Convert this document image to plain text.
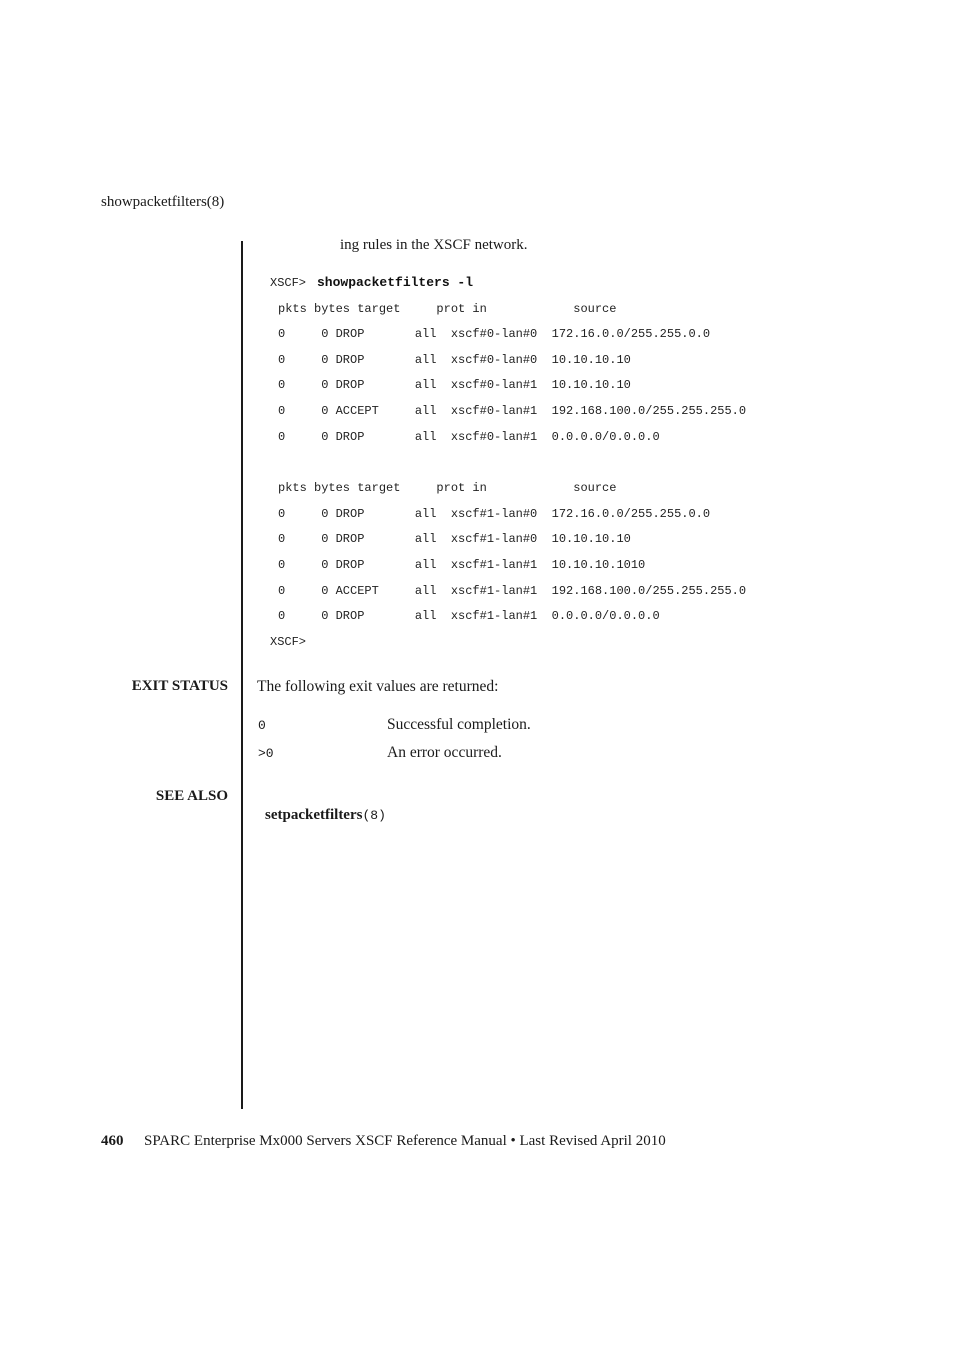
showpacketfilters(8)
ing rules in the XSCF network.
XSCF> showpacketfilters -l
pkts bytes target     prot in            source
0     0 DROP       all  xscf#0-lan#0  172.16.0.0/255.255.0.0
0     0 DROP       all  xscf#0-lan#0  10.10.10.10
0     0 DROP       all  xscf#0-lan#1  10.10.10.10
0     0 ACCEPT     all  xscf#0-lan#1  192.168.100.0/255.255.255.0
0     0 DROP       all  xscf#0-lan#1  0.0.0.0/0.0.0.0
pkts bytes target     prot in            source
0     0 DROP       all  xscf#1-lan#0  172.16.0.0/255.255.0.0
0     0 DROP       all  xscf#1-lan#0  10.10.10.10
0     0 DROP       all  xscf#1-lan#1  10.10.10.1010
0     0 ACCEPT     all  xscf#1-lan#1  192.168.100.0/255.255.255.0
0     0 DROP       all  xscf#1-lan#1  0.0.0.0/0.0.0.0
XSCF>
EXIT STATUS The following exit values are returned:
0	Successful completion.
>0	An error occurred.
SEE ALSO

setpacketfilters(8)

460 SPARC Enterprise Mx000 Servers XSCF Reference Manual • Last Revised April 2010
